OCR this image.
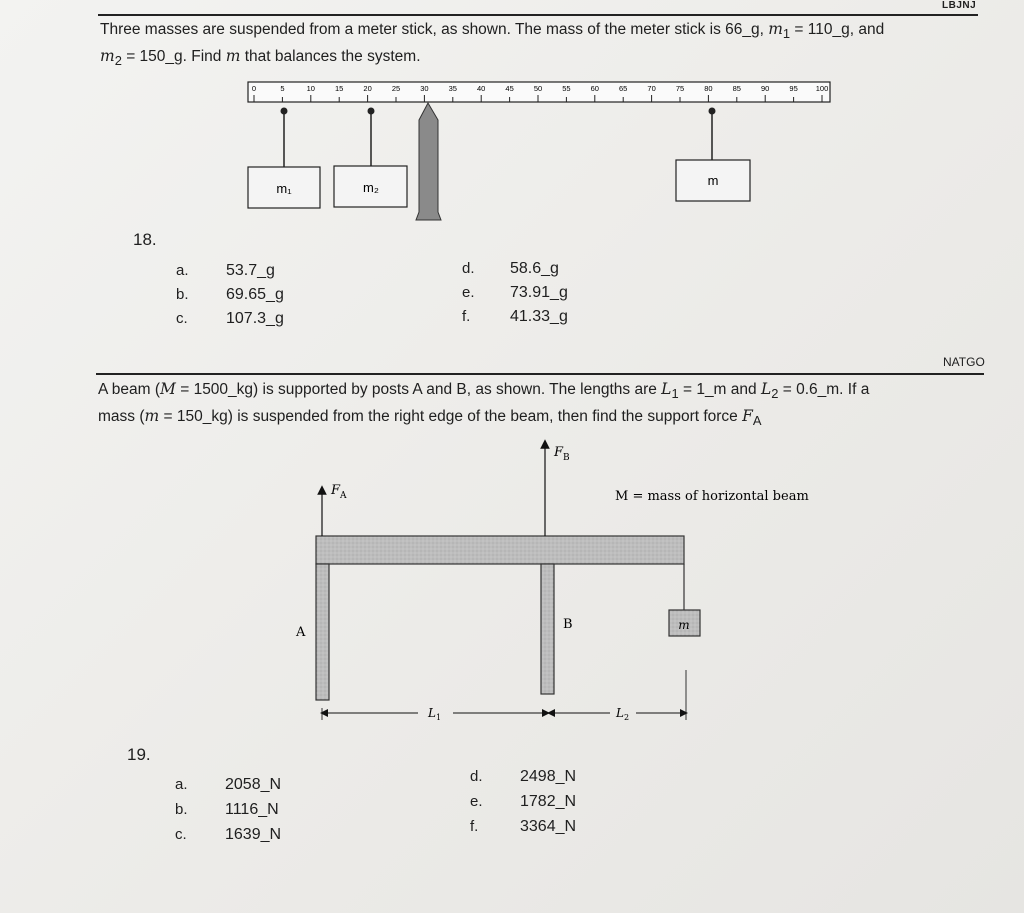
LBJNJ
Three masses are suspended from a meter stick, as shown. The mass of the meter stick is 66_g, $m_1$ = 110_g, and
$m_2$ = 150_g. Find m that balances the system.
0	5	10	15	20	25	30	35	40	45	50	55	60	65	70	75	80	85	90	95 100
m₁	m₂	m
18.
a. 53.7_g
b. 69.65_g
c. 107.3_g
d. 58.6_g
e. 73.91_g
f. 41.33_g
NATGO
A beam (M = 1500_kg) is supported by posts A and B, as shown. The lengths are $L_1$ = 1_m and $L_2$ = 0.6_m. If a
mass (m = 150_kg) is suspended from the right edge of the beam, then find the support force $F_A$
m
$F_A$
$F_B$
M = mass of horizontal beam
A
B
$L_1$	$L_2$
19.
a. 2058_N
b. 1116_N
c. 1639_N
d. 2498_N
e. 1782_N
f.	3364_N
